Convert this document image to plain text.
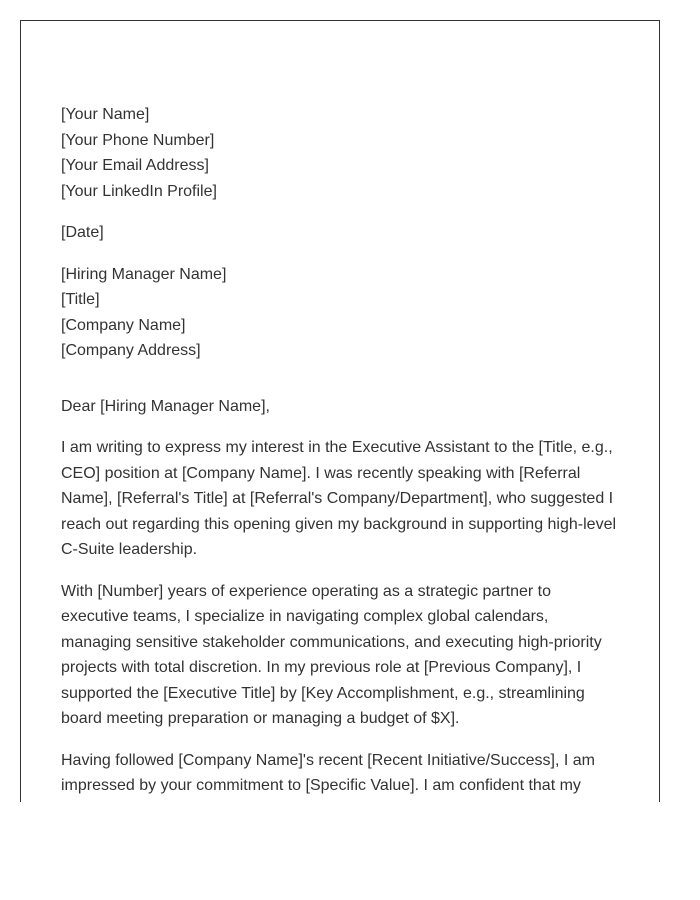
[Your Name]
[Your Phone Number]
[Your Email Address]
[Your LinkedIn Profile]
[Date]
[Hiring Manager Name]
[Title]
[Company Name]
[Company Address]
Dear [Hiring Manager Name],

I am writing to express my interest in the Executive Assistant to the [Title, e.g.,
CEO] position at [Company Name]. I was recently speaking with [Referral
Name], [Referral's Title] at [Referral's Company/Department], who suggested I
reach out regarding this opening given my background in supporting high-level
C-Suite leadership.

With [Number] years of experience operating as a strategic partner to
executive teams, I specialize in navigating complex global calendars,
managing sensitive stakeholder communications, and executing high-priority
projects with total discretion. In my previous role at [Previous Company], I
supported the [Executive Title] by [Key Accomplishment, e.g., streamlining
board meeting preparation or managing a budget of $X].

Having followed [Company Name]'s recent [Recent Initiative/Success], I am
impressed by your commitment to [Specific Value]. I am confident that my
